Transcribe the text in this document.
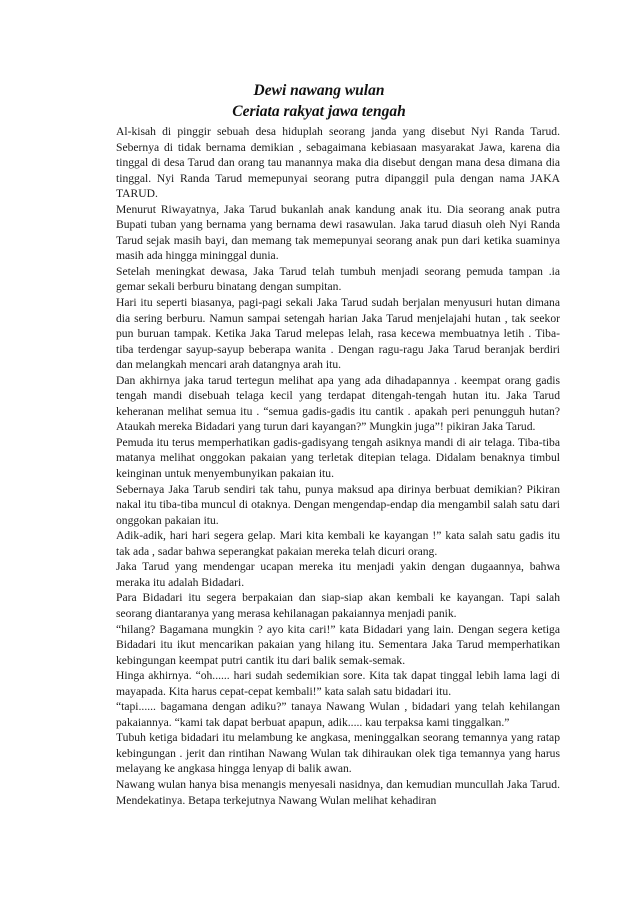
Dewi nawang wulan
Ceriata rakyat jawa tengah

Al-kisah di pinggir sebuah desa hiduplah seorang janda yang disebut Nyi Randa Tarud. Sebernya di tidak bernama demikian , sebagaimana kebiasaan masyarakat Jawa, karena dia tinggal di desa Tarud dan orang tau manannya maka dia disebut dengan mana desa dimana dia tinggal. Nyi Randa Tarud memepunyai seorang putra dipanggil pula dengan nama JAKA TARUD.

Menurut Riwayatnya, Jaka Tarud bukanlah anak kandung anak itu. Dia seorang anak putra Bupati tuban yang bernama yang bernama dewi rasawulan. Jaka tarud diasuh oleh Nyi Randa Tarud sejak masih bayi, dan memang tak memepunyai seorang anak pun dari ketika suaminya masih ada hingga mininggal dunia.

Setelah meningkat dewasa, Jaka Tarud telah tumbuh menjadi seorang pemuda tampan .ia gemar sekali berburu binatang dengan sumpitan.

Hari itu seperti biasanya, pagi-pagi sekali Jaka Tarud sudah berjalan menyusuri hutan dimana dia sering berburu. Namun sampai setengah harian Jaka Tarud menjelajahi hutan , tak seekor pun buruan tampak. Ketika Jaka Tarud melepas lelah, rasa kecewa membuatnya letih . Tiba-tiba terdengar sayup-sayup beberapa wanita . Dengan ragu-ragu Jaka Tarud beranjak berdiri dan melangkah mencari arah datangnya arah itu.

Dan akhirnya jaka tarud tertegun melihat apa yang ada dihadapannya . keempat orang gadis tengah mandi disebuah telaga kecil yang terdapat ditengah-tengah hutan itu. Jaka Tarud keheranan melihat semua itu . “semua gadis-gadis itu cantik . apakah peri penungguh hutan? Ataukah mereka Bidadari yang turun dari kayangan?” Mungkin juga”! pikiran Jaka Tarud.

Pemuda itu terus memperhatikan gadis-gadisyang tengah asiknya mandi di air telaga. Tiba-tiba matanya melihat onggokan pakaian yang terletak ditepian telaga. Didalam benaknya timbul keinginan untuk menyembunyikan pakaian itu.

Sebernaya Jaka Tarub sendiri tak tahu, punya maksud apa dirinya berbuat demikian? Pikiran nakal itu tiba-tiba muncul di otaknya. Dengan mengendap-endap dia mengambil salah satu dari onggokan pakaian itu.

Adik-adik, hari hari segera gelap. Mari kita kembali ke kayangan !” kata salah satu gadis itu tak ada , sadar bahwa seperangkat pakaian mereka telah dicuri orang.

Jaka Tarud yang mendengar ucapan mereka itu menjadi yakin dengan dugaannya, bahwa meraka itu adalah Bidadari.

Para Bidadari itu segera berpakaian dan siap-siap akan kembali ke kayangan. Tapi salah seorang diantaranya yang merasa kehilanagan pakaiannya menjadi panik.

“hilang? Bagamana mungkin ? ayo kita cari!” kata Bidadari yang lain. Dengan segera ketiga Bidadari itu ikut mencarikan pakaian yang hilang itu. Sementara Jaka Tarud memperhatikan kebingungan keempat putri cantik itu dari balik semak-semak.

Hinga akhirnya. “oh...... hari sudah sedemikian sore. Kita tak dapat tinggal lebih lama lagi di mayapada. Kita harus cepat-cepat kembali!” kata salah satu bidadari itu.

“tapi...... bagamana dengan adiku?” tanaya Nawang Wulan , bidadari yang telah kehilangan pakaiannya. “kami tak dapat berbuat apapun, adik..... kau terpaksa kami tinggalkan.”

Tubuh ketiga bidadari itu melambung ke angkasa, meninggalkan seorang temannya yang ratap kebingungan . jerit dan rintihan Nawang Wulan tak dihiraukan olek tiga temannya yang harus melayang ke angkasa hingga lenyap di balik awan.

Nawang wulan hanya bisa menangis menyesali nasidnya, dan kemudian muncullah Jaka Tarud. Mendekatinya. Betapa terkejutnya Nawang Wulan melihat kehadiran
